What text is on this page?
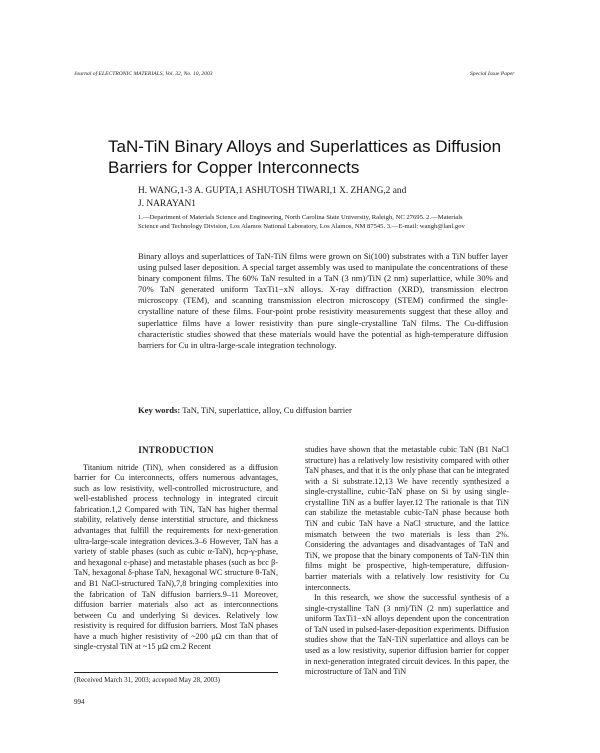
Journal of ELECTRONIC MATERIALS, Vol. 32, No. 10, 2003	Special Issue Paper
TaN-TiN Binary Alloys and Superlattices as Diffusion Barriers for Copper Interconnects
H. WANG,1-3 A. GUPTA,1 ASHUTOSH TIWARI,1 X. ZHANG,2 and
J. NARAYAN1
1.—Department of Materials Science and Engineering, North Carolina State University, Raleigh, NC 27695. 2.—Materials Science and Technology Division, Los Alamos National Laboratory, Los Alamos, NM 87545. 3.—E-mail: wangh@lanl.gov
Binary alloys and superlattices of TaN-TiN films were grown on Si(100) substrates with a TiN buffer layer using pulsed laser deposition. A special target assembly was used to manipulate the concentrations of these binary component films. The 60% TaN resulted in a TaN (3 nm)/TiN (2 nm) superlattice, while 30% and 70% TaN generated uniform TaxTi1−xN alloys. X-ray diffraction (XRD), transmission electron microscopy (TEM), and scanning transmission electron microscopy (STEM) confirmed the single-crystalline nature of these films. Four-point probe resistivity measurements suggest that these alloy and superlattice films have a lower resistivity than pure single-crystalline TaN films. The Cu-diffusion characteristic studies showed that these materials would have the potential as high-temperature diffusion barriers for Cu in ultra-large-scale integration technology.
Key words: TaN, TiN, superlattice, alloy, Cu diffusion barrier

INTRODUCTION

Titanium nitride (TiN), when considered as a diffusion barrier for Cu interconnects, offers numerous advantages, such as low resistivity, well-controlled microstructure, and well-established process technology in integrated circuit fabrication.1,2 Compared with TiN, TaN has higher thermal stability, relatively dense interstitial structure, and thickness advantages that fulfill the requirements for next-generation ultra-large-scale integration devices.3–6 However, TaN has a variety of stable phases (such as cubic α-TaN), hcp-γ-phase, and hexagonal ε-phase) and metastable phases (such as bcc β-TaN, hexagonal δ-phase TaN, hexagonal WC structure θ-TaN, and B1 NaCl-structured TaN),7,8 bringing complexities into the fabrication of TaN diffusion barriers.9–11 Moreover, diffusion barrier materials also act as interconnections between Cu and underlying Si devices. Relatively low resistivity is required for diffusion barriers. Most TaN phases have a much higher resistivity of ~200 μΩ cm than that of single-crystal TiN at ~15 μΩ cm.2 Recent

studies have shown that the metastable cubic TaN (B1 NaCl structure) has a relatively low resistivity compared with other TaN phases, and that it is the only phase that can be integrated with a Si substrate.12,13 We have recently synthesized a single-crystalline, cubic-TaN phase on Si by using single-crystalline TiN as a buffer layer.12 The rationale is that TiN can stabilize the metastable cubic-TaN phase because both TiN and cubic TaN have a NaCl structure, and the lattice mismatch between the two materials is less than 2%. Considering the advantages and disadvantages of TaN and TiN, we propose that the binary components of TaN-TiN thin films might be prospective, high-temperature, diffusion-barrier materials with a relatively low resistivity for Cu interconnects.

In this research, we show the successful synthesis of a single-crystalline TaN (3 nm)/TiN (2 nm) superlattice and uniform TaxTi1−xN alloys dependent upon the concentration of TaN used in pulsed-laser-deposition experiments. Diffusion studies show that the TaN-TiN superlattice and alloys can be used as a low resistivity, superior diffusion barrier for copper in next-generation integrated circuit devices. In this paper, the microstructure of TaN and TiN

(Received March 31, 2003; accepted May 28, 2003)
994
